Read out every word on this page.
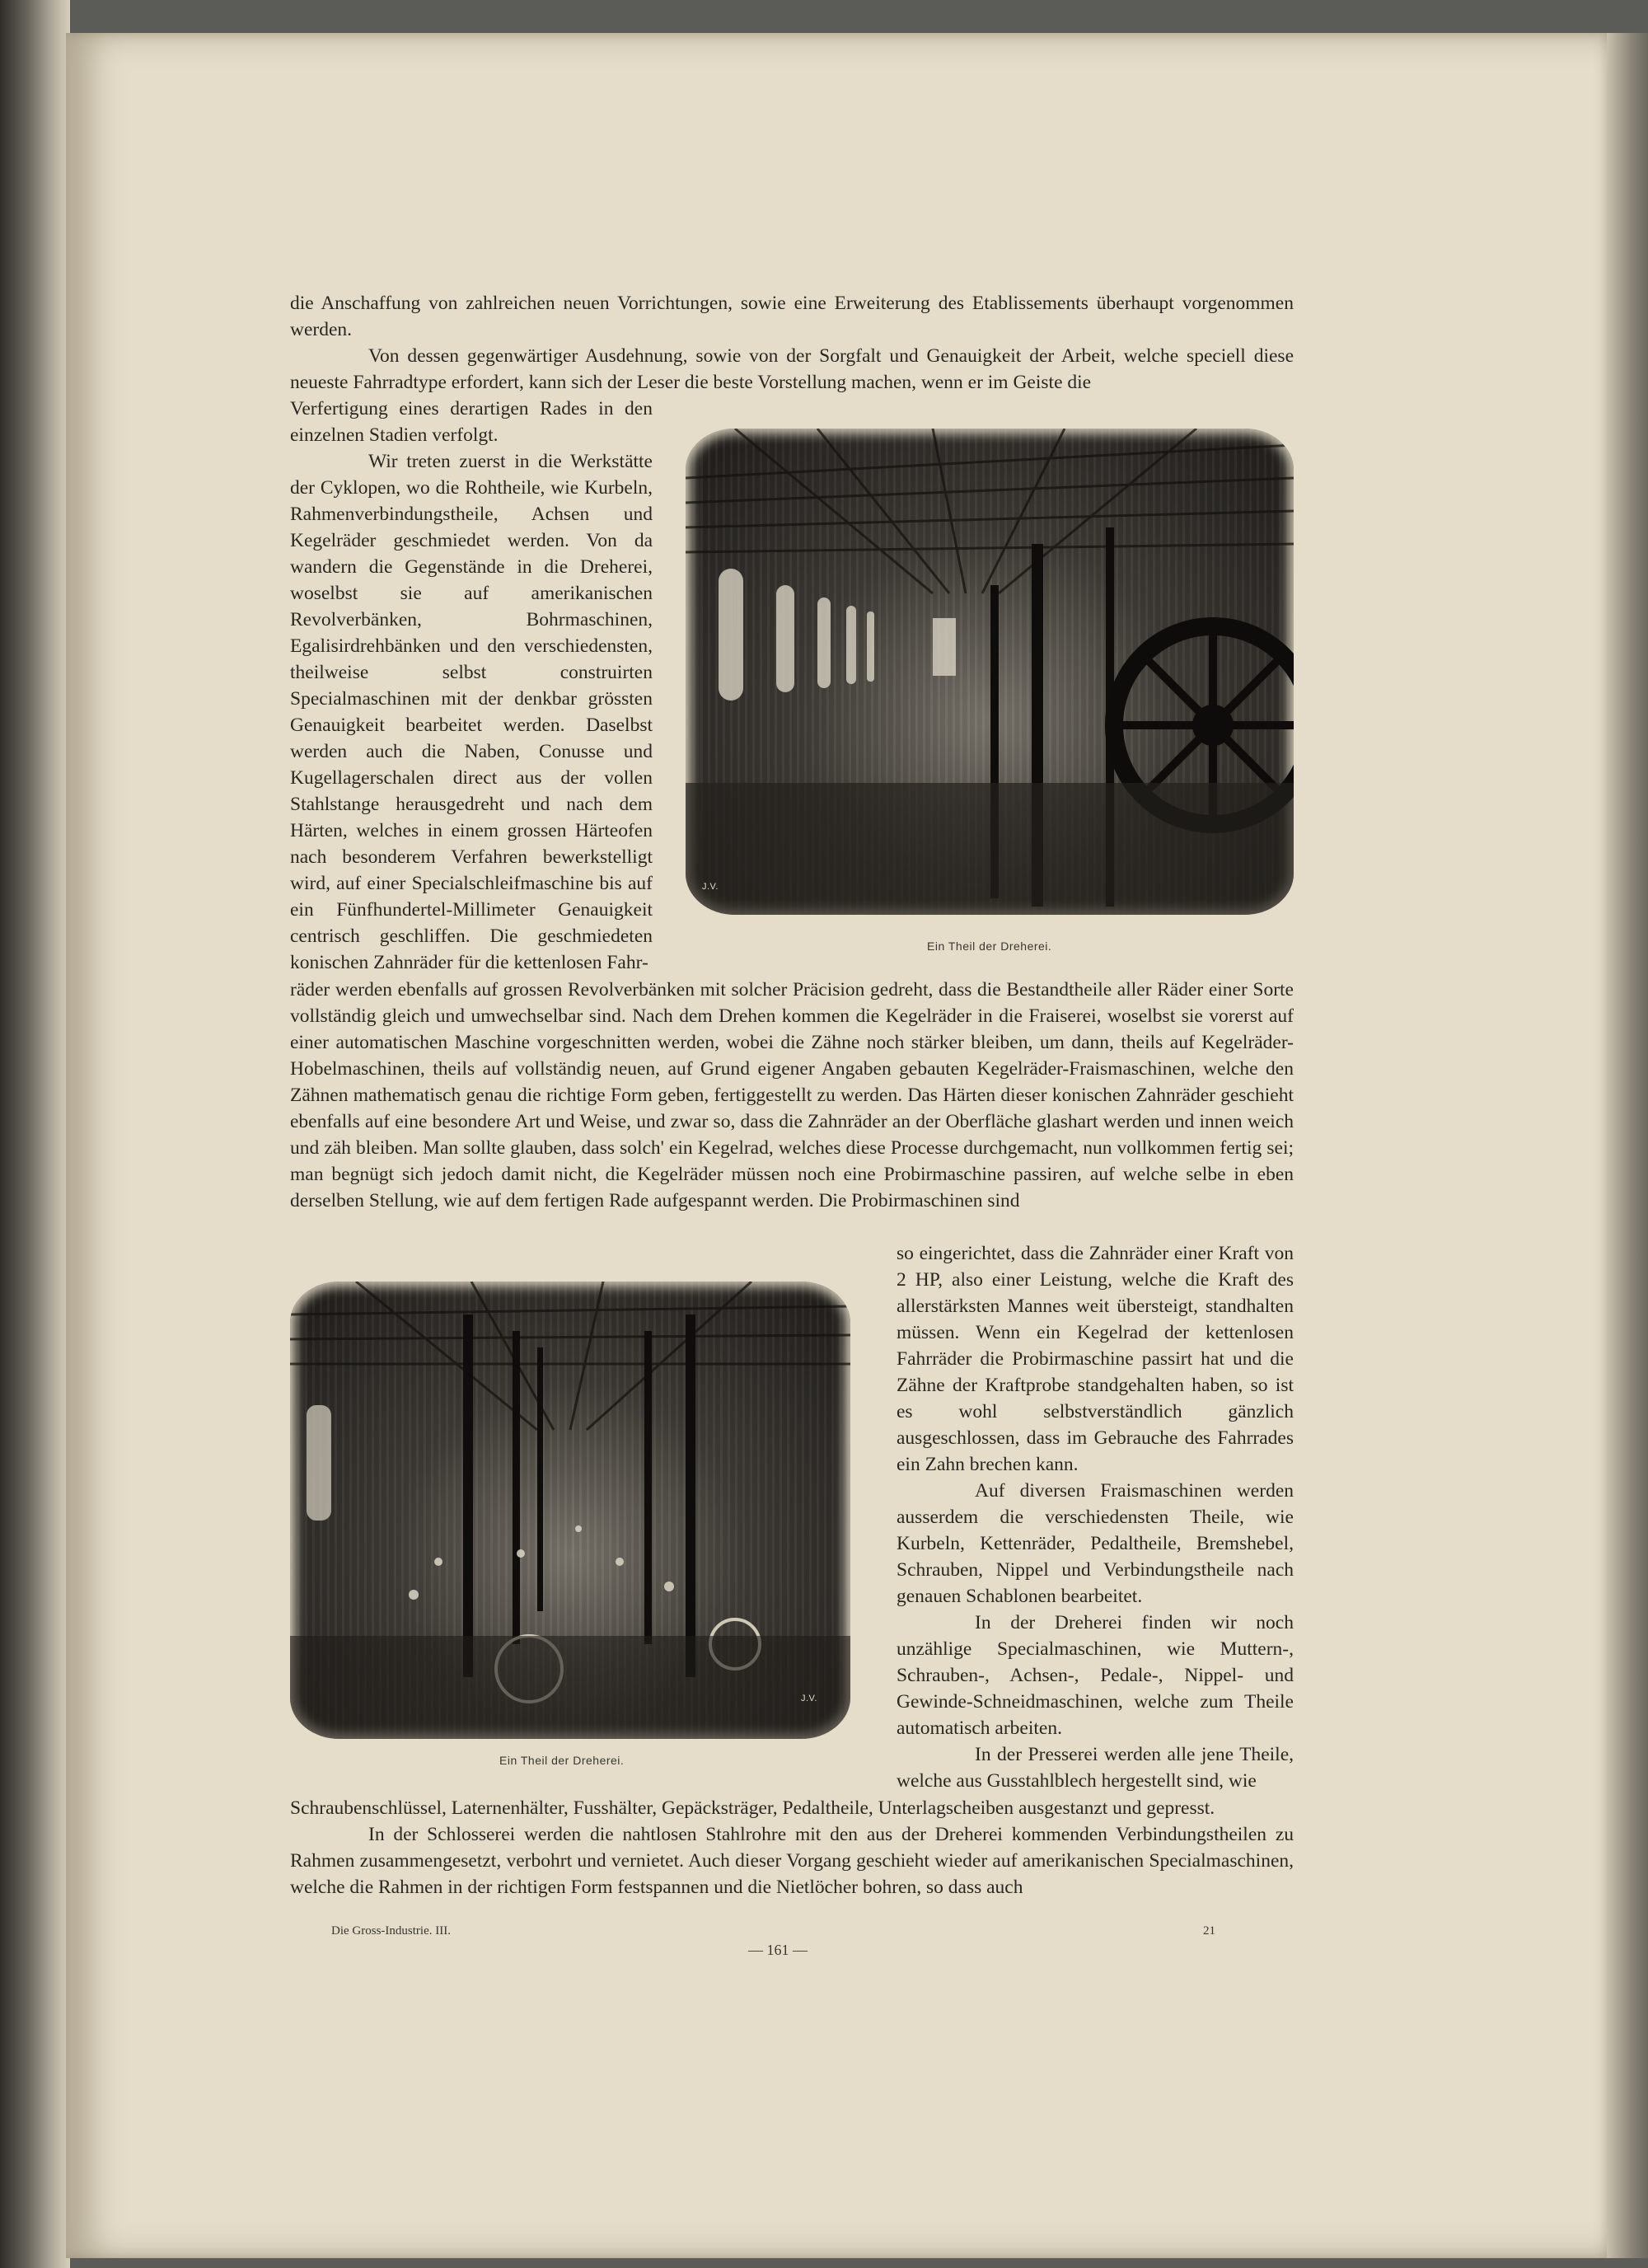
die Anschaffung von zahlreichen neuen Vorrichtungen, sowie eine Erweiterung des Etablissements überhaupt vorgenommen werden.

Von dessen gegenwärtiger Ausdehnung, sowie von der Sorgfalt und Genauigkeit der Arbeit, welche speciell diese neueste Fahrradtype erfordert, kann sich der Leser die beste Vorstellung machen, wenn er im Geiste die

Verfertigung eines derartigen Rades in den einzelnen Stadien verfolgt.

Wir treten zuerst in die Werkstätte der Cyklopen, wo die Rohtheile, wie Kurbeln, Rahmenverbindungstheile, Achsen und Kegelräder geschmiedet werden. Von da wandern die Gegenstände in die Dreherei, woselbst sie auf amerikanischen Revolverbänken, Bohrmaschinen, Egalisirdrehbänken und den verschiedensten, theilweise selbst construirten Specialmaschinen mit der denkbar grössten Genauigkeit bearbeitet werden. Daselbst werden auch die Naben, Conusse und Kugellagerschalen direct aus der vollen Stahlstange herausgedreht und nach dem Härten, welches in einem grossen Härteofen nach besonderem Verfahren bewerkstelligt wird, auf einer Specialschleifmaschine bis auf ein Fünfhundertel-Millimeter Genauigkeit centrisch geschliffen. Die geschmiedeten konischen Zahnräder für die kettenlosen Fahr-

J.V.
Ein Theil der Dreherei.
räder werden ebenfalls auf grossen Revolverbänken mit solcher Präcision gedreht, dass die Bestandtheile aller Räder einer Sorte vollständig gleich und umwechselbar sind. Nach dem Drehen kommen die Kegelräder in die Fraiserei, woselbst sie vorerst auf einer automatischen Maschine vorgeschnitten werden, wobei die Zähne noch stärker bleiben, um dann, theils auf Kegelräder-Hobelmaschinen, theils auf vollständig neuen, auf Grund eigener Angaben gebauten Kegelräder-Fraismaschinen, welche den Zähnen mathematisch genau die richtige Form geben, fertiggestellt zu werden. Das Härten dieser konischen Zahnräder geschieht ebenfalls auf eine besondere Art und Weise, und zwar so, dass die Zahnräder an der Oberfläche glashart werden und innen weich und zäh bleiben. Man sollte glauben, dass solch' ein Kegelrad, welches diese Processe durchgemacht, nun vollkommen fertig sei; man begnügt sich jedoch damit nicht, die Kegelräder müssen noch eine Probirmaschine passiren, auf welche selbe in eben derselben Stellung, wie auf dem fertigen Rade aufgespannt werden. Die Probirmaschinen sind
J.V.
Ein Theil der Dreherei.

so eingerichtet, dass die Zahnräder einer Kraft von 2 HP, also einer Leistung, welche die Kraft des allerstärksten Mannes weit übersteigt, standhalten müssen. Wenn ein Kegelrad der kettenlosen Fahrräder die Probirmaschine passirt hat und die Zähne der Kraftprobe standgehalten haben, so ist es wohl selbstverständlich gänzlich ausgeschlossen, dass im Gebrauche des Fahrrades ein Zahn brechen kann.

Auf diversen Fraismaschinen werden ausserdem die verschiedensten Theile, wie Kurbeln, Kettenräder, Pedaltheile, Bremshebel, Schrauben, Nippel und Verbindungstheile nach genauen Schablonen bearbeitet.

In der Dreherei finden wir noch unzählige Specialmaschinen, wie Muttern-, Schrauben-, Achsen-, Pedale-, Nippel- und Gewinde-Schneidmaschinen, welche zum Theile automatisch arbeiten.

In der Presserei werden alle jene Theile, welche aus Gusstahlblech hergestellt sind, wie

Schraubenschlüssel, Laternenhälter, Fusshälter, Gepäcksträger, Pedaltheile, Unterlagscheiben ausgestanzt und gepresst.

In der Schlosserei werden die nahtlosen Stahlrohre mit den aus der Dreherei kommenden Verbindungstheilen zu Rahmen zusammengesetzt, verbohrt und vernietet. Auch dieser Vorgang geschieht wieder auf amerikanischen Specialmaschinen, welche die Rahmen in der richtigen Form festspannen und die Nietlöcher bohren, so dass auch

Die Gross-Industrie. III.
— 161 —
21
